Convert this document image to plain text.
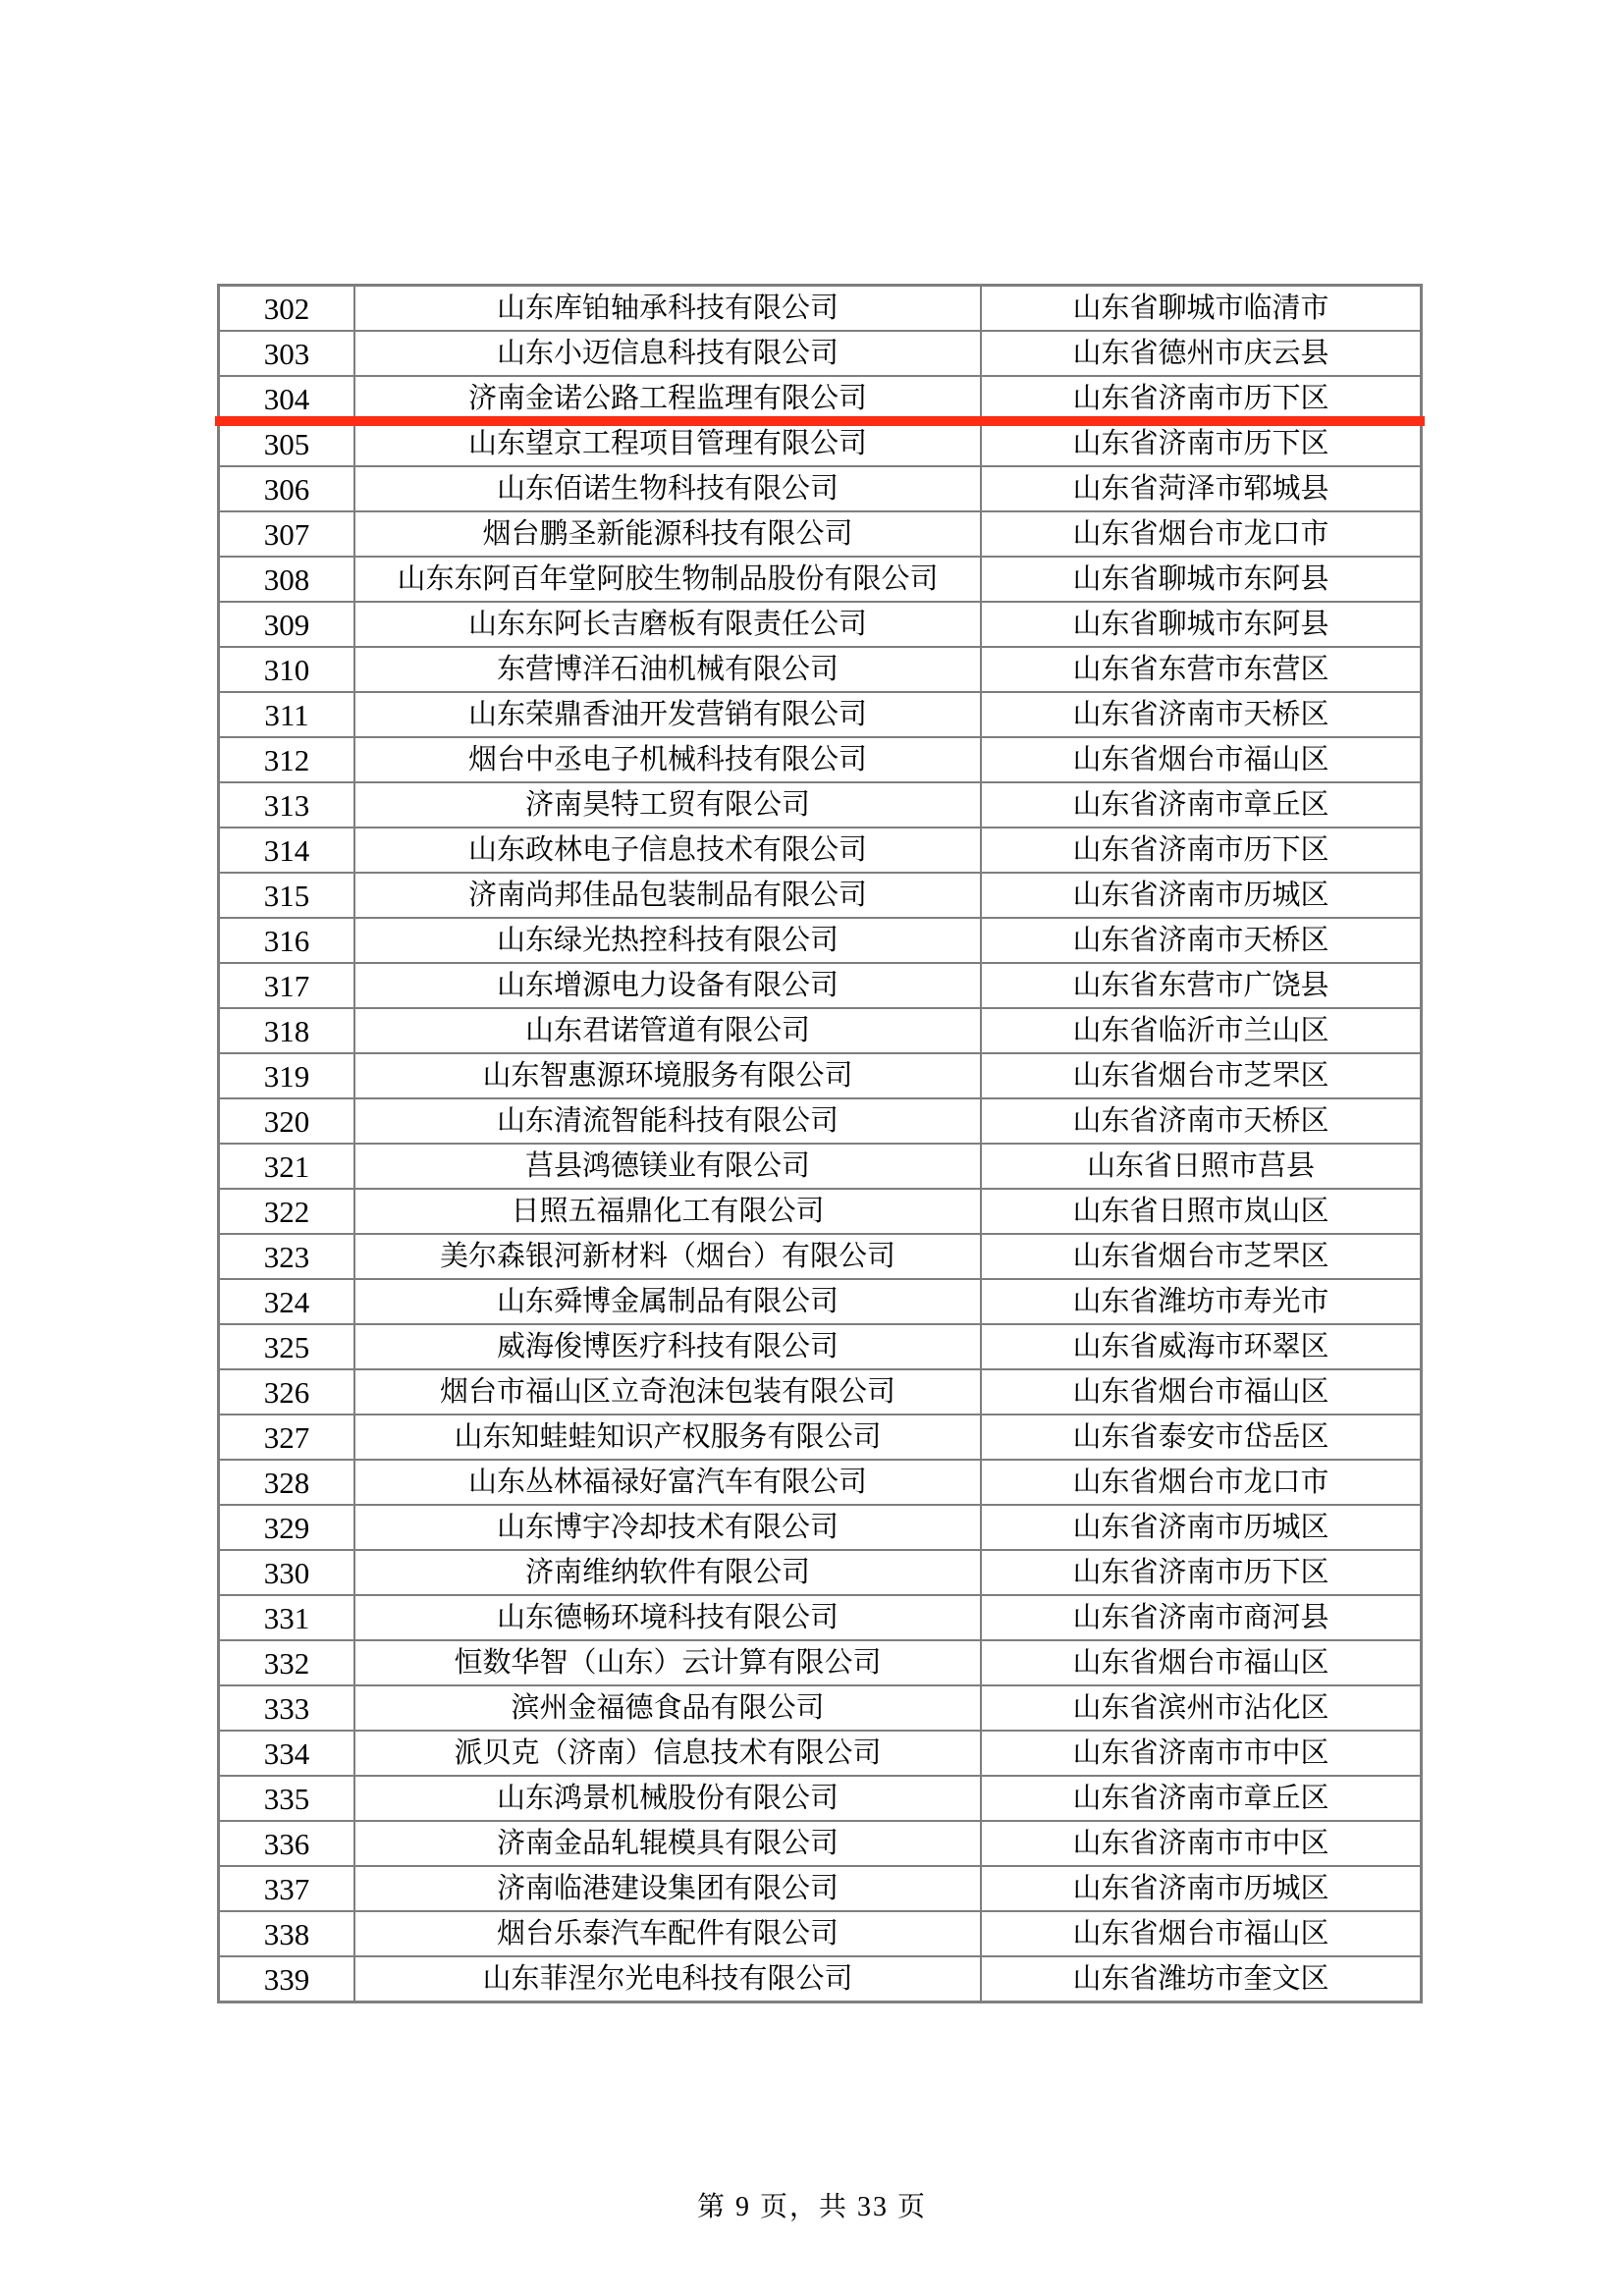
302	山东库铂轴承科技有限公司	山东省聊城市临清市
303	山东小迈信息科技有限公司	山东省德州市庆云县
304	济南金诺公路工程监理有限公司	山东省济南市历下区
305	山东望京工程项目管理有限公司	山东省济南市历下区
306	山东佰诺生物科技有限公司	山东省菏泽市郓城县
307	烟台鹏圣新能源科技有限公司	山东省烟台市龙口市
308	山东东阿百年堂阿胶生物制品股份有限公司	山东省聊城市东阿县
309	山东东阿长吉磨板有限责任公司	山东省聊城市东阿县
310	东营博洋石油机械有限公司	山东省东营市东营区
311	山东荣鼎香油开发营销有限公司	山东省济南市天桥区
312	烟台中丞电子机械科技有限公司	山东省烟台市福山区
313	济南昊特工贸有限公司	山东省济南市章丘区
314	山东政林电子信息技术有限公司	山东省济南市历下区
315	济南尚邦佳品包装制品有限公司	山东省济南市历城区
316	山东绿光热控科技有限公司	山东省济南市天桥区
317	山东增源电力设备有限公司	山东省东营市广饶县
318	山东君诺管道有限公司	山东省临沂市兰山区
319	山东智惠源环境服务有限公司	山东省烟台市芝罘区
320	山东清流智能科技有限公司	山东省济南市天桥区
321	莒县鸿德镁业有限公司	山东省日照市莒县
322	日照五福鼎化工有限公司	山东省日照市岚山区
323	美尔森银河新材料（烟台）有限公司	山东省烟台市芝罘区
324	山东舜博金属制品有限公司	山东省潍坊市寿光市
325	威海俊博医疗科技有限公司	山东省威海市环翠区
326	烟台市福山区立奇泡沫包装有限公司	山东省烟台市福山区
327	山东知蛙蛙知识产权服务有限公司	山东省泰安市岱岳区
328	山东丛林福禄好富汽车有限公司	山东省烟台市龙口市
329	山东博宇冷却技术有限公司	山东省济南市历城区
330	济南维纳软件有限公司	山东省济南市历下区
331	山东德畅环境科技有限公司	山东省济南市商河县
332	恒数华智（山东）云计算有限公司	山东省烟台市福山区
333	滨州金福德食品有限公司	山东省滨州市沾化区
334	派贝克（济南）信息技术有限公司	山东省济南市市中区
335	山东鸿景机械股份有限公司	山东省济南市章丘区
336	济南金品轧辊模具有限公司	山东省济南市市中区
337	济南临港建设集团有限公司	山东省济南市历城区
338	烟台乐泰汽车配件有限公司	山东省烟台市福山区
339	山东菲涅尔光电科技有限公司	山东省潍坊市奎文区
第 9 页，共 33 页
